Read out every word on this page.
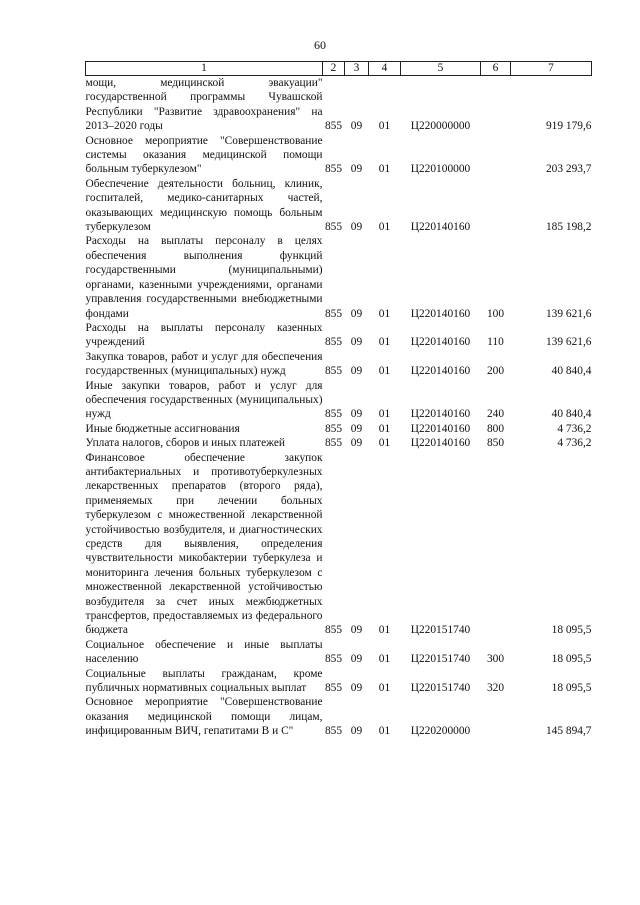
60
1	2	3	4	5	6	7
мощи, медицинской эвакуации" государственной программы Чувашской Республики "Развитие здравоохранения" на 2013–2020 годы	855	09	01	Ц220000000		919 179,6
Основное мероприятие "Совершенствование системы оказания медицинской помощи больным туберкулезом"	855	09	01	Ц220100000		203 293,7
Обеспечение деятельности больниц, клиник, госпиталей, медико-санитарных частей, оказывающих медицинскую помощь больным туберкулезом	855	09	01	Ц220140160		185 198,2
Расходы на выплаты персоналу в целях обеспечения выполнения функций государственными (муниципальными) органами, казенными учреждениями, органами управления государственными внебюджетными фондами	855	09	01	Ц220140160	100	139 621,6
Расходы на выплаты персоналу казенных учреждений	855	09	01	Ц220140160	110	139 621,6
Закупка товаров, работ и услуг для обеспечения государственных (муниципальных) нужд	855	09	01	Ц220140160	200	40 840,4
Иные закупки товаров, работ и услуг для обеспечения государственных (муниципальных) нужд	855	09	01	Ц220140160	240	40 840,4
Иные бюджетные ассигнования	855	09	01	Ц220140160	800	4 736,2
Уплата налогов, сборов и иных платежей	855	09	01	Ц220140160	850	4 736,2
Финансовое обеспечение закупок антибактериальных и противотуберкулезных лекарственных препаратов (второго ряда), применяемых при лечении больных туберкулезом с множественной лекарственной устойчивостью возбудителя, и диагностических средств для выявления, определения чувствительности микобактерии туберкулеза и мониторинга лечения больных туберкулезом с множественной лекарственной устойчивостью возбудителя за счет иных межбюджетных трансфертов, предоставляемых из федерального бюджета	855	09	01	Ц220151740		18 095,5
Социальное обеспечение и иные выплаты населению	855	09	01	Ц220151740	300	18 095,5
Социальные выплаты гражданам, кроме публичных нормативных социальных выплат	855	09	01	Ц220151740	320	18 095,5
Основное мероприятие "Совершенствование оказания медицинской помощи лицам, инфицированным ВИЧ, гепатитами В и С"	855	09	01	Ц220200000		145 894,7
